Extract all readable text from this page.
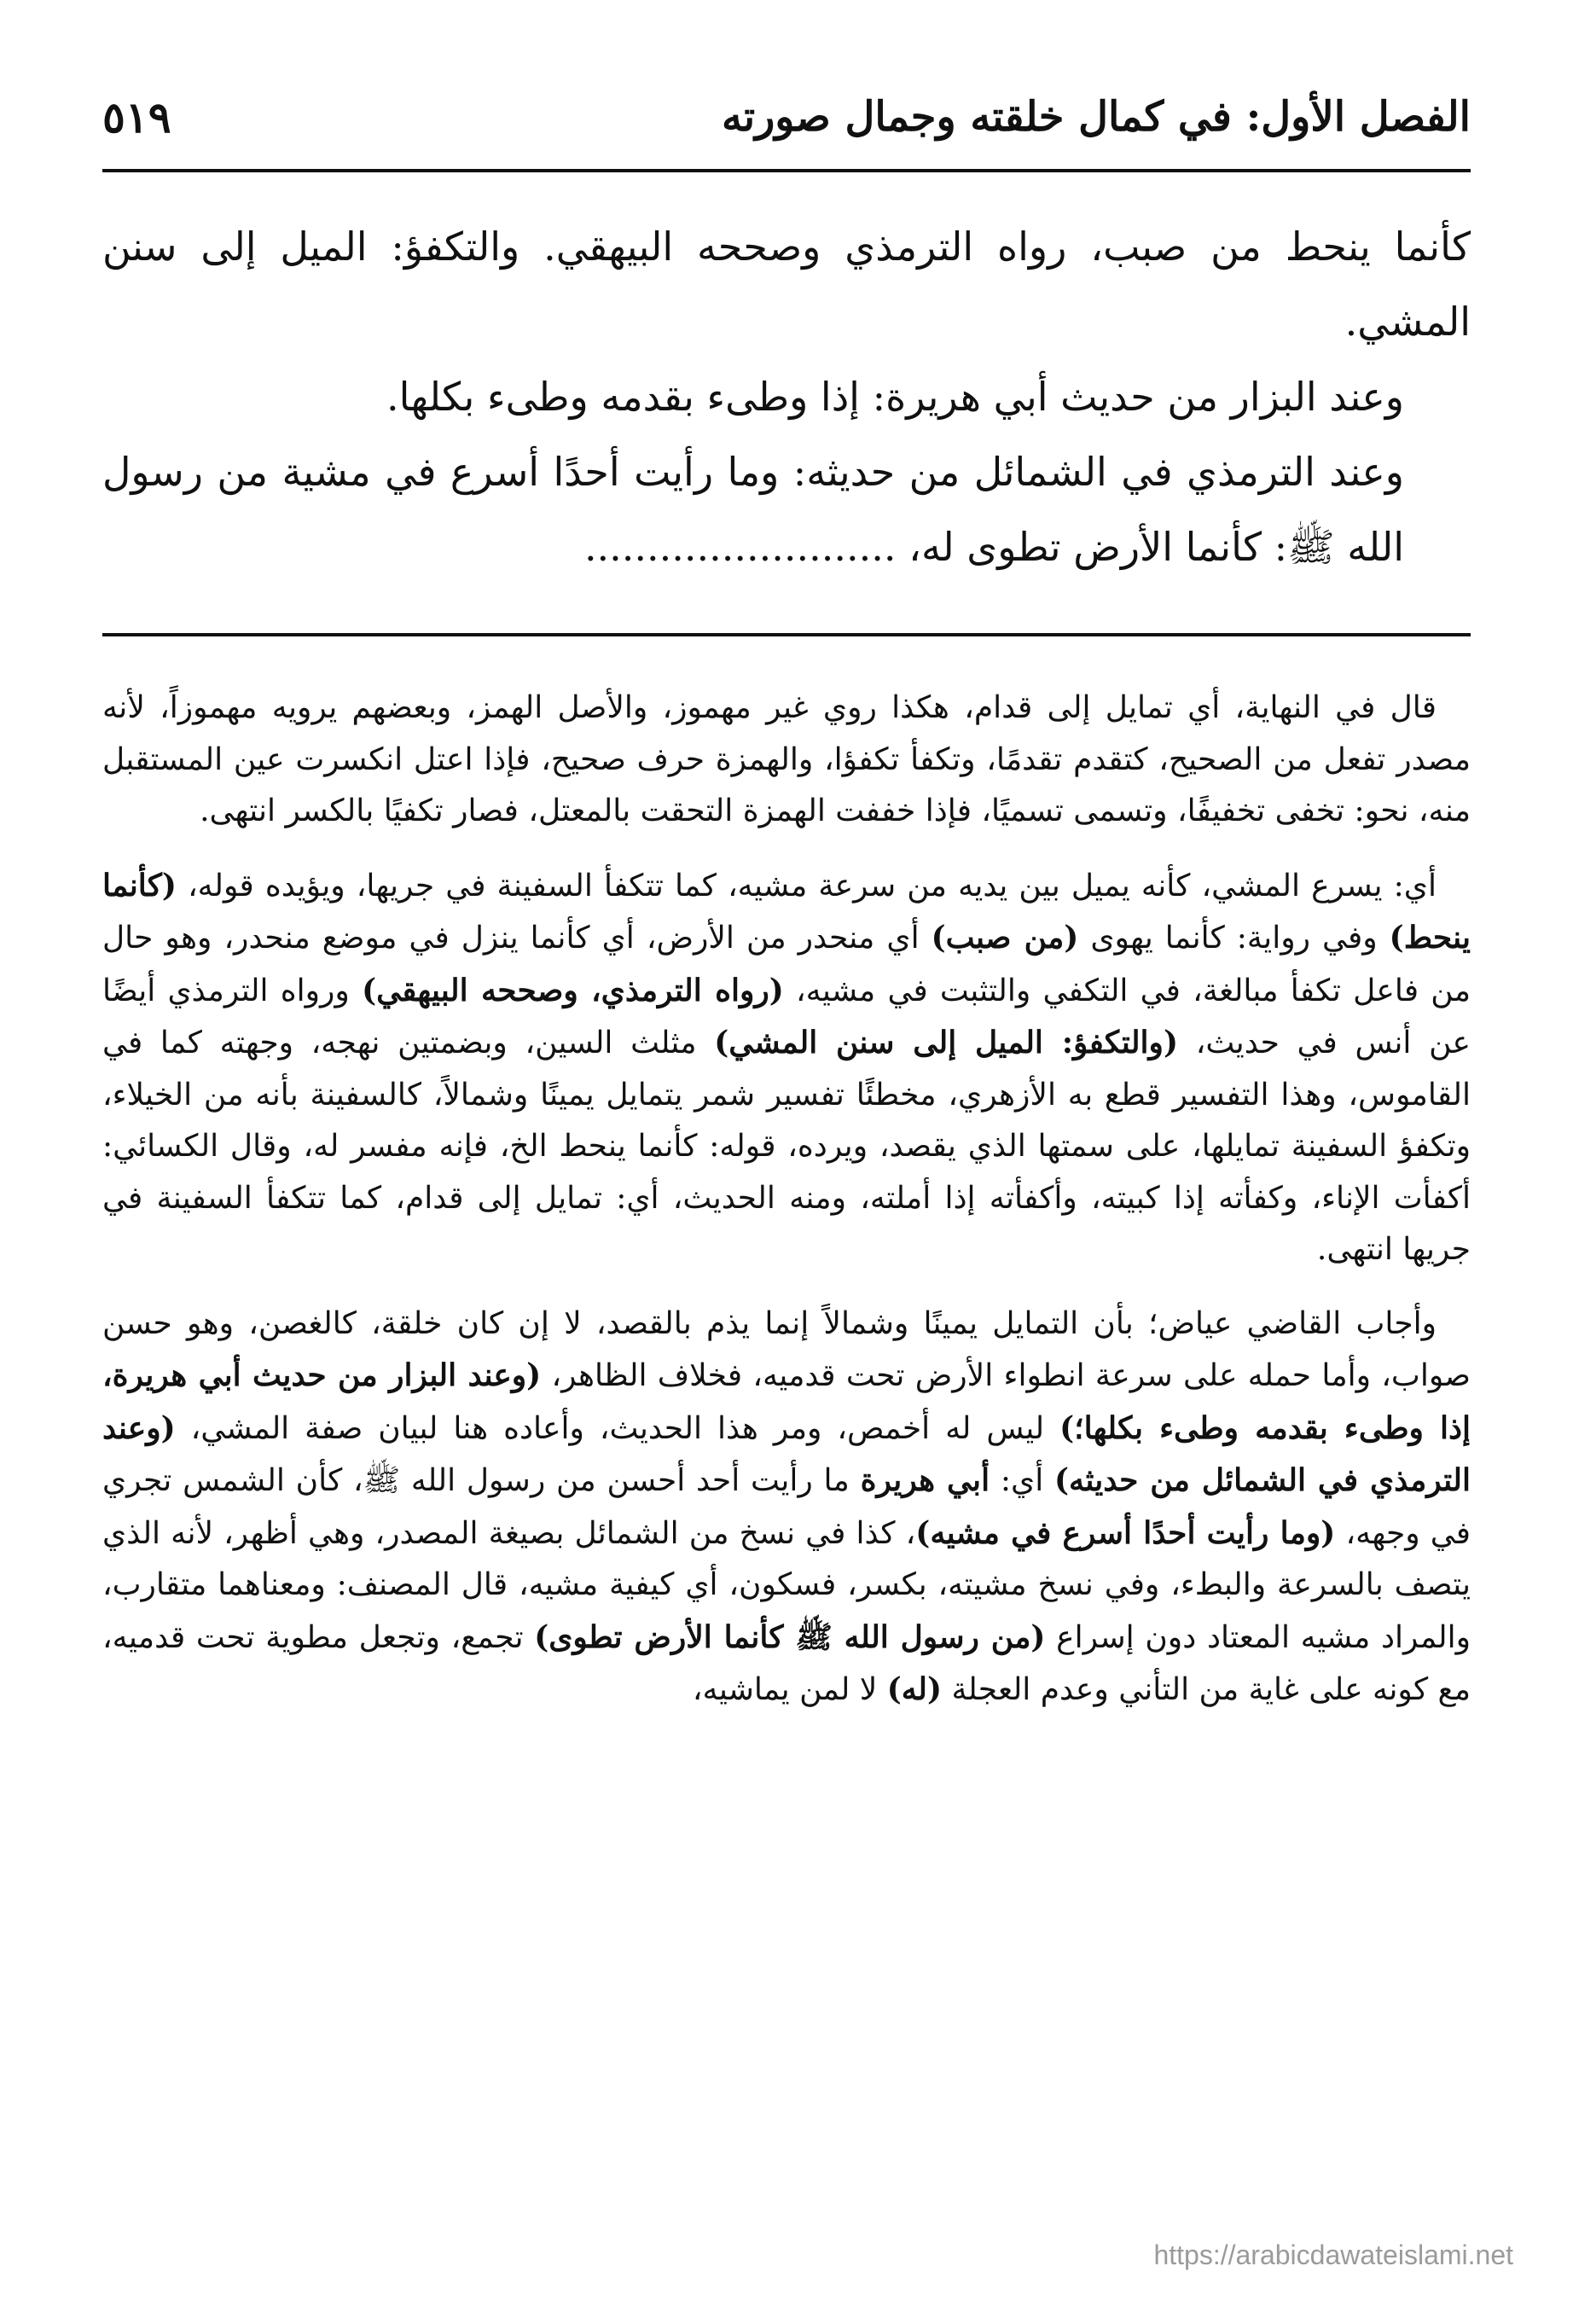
الفصل الأول: في كمال خلقته وجمال صورته
٥١٩

كأنما ينحط من صبب، رواه الترمذي وصححه البيهقي. والتكفؤ: الميل إلى سنن المشي.

وعند البزار من حديث أبي هريرة: إذا وطىء بقدمه وطىء بكلها.

وعند الترمذي في الشمائل من حديثه: وما رأيت أحدًا أسرع في مشية من رسول الله ﷺ: كأنما الأرض تطوى له، .........................

قال في النهاية، أي تمايل إلى قدام، هكذا روي غير مهموز، والأصل الهمز، وبعضهم يرويه مهموزاً، لأنه مصدر تفعل من الصحيح، كتقدم تقدمًا، وتكفأ تكفؤا، والهمزة حرف صحيح، فإذا اعتل انكسرت عين المستقبل منه، نحو: تخفى تخفيفًا، وتسمى تسميًا، فإذا خففت الهمزة التحقت بالمعتل، فصار تكفيًا بالكسر انتهى.

أي: يسرع المشي، كأنه يميل بين يديه من سرعة مشيه، كما تتكفأ السفينة في جريها، ويؤيده قوله، (كأنما ينحط) وفي رواية: كأنما يهوى (من صبب) أي منحدر من الأرض، أي كأنما ينزل في موضع منحدر، وهو حال من فاعل تكفأ مبالغة، في التكفي والتثبت في مشيه، (رواه الترمذي، وصححه البيهقي) ورواه الترمذي أيضًا عن أنس في حديث، (والتكفؤ: الميل إلى سنن المشي) مثلث السين، وبضمتين نهجه، وجهته كما في القاموس، وهذا التفسير قطع به الأزهري، مخطئًا تفسير شمر يتمايل يمينًا وشمالاً، كالسفينة بأنه من الخيلاء، وتكفؤ السفينة تمايلها، على سمتها الذي يقصد، ويرده، قوله: كأنما ينحط الخ، فإنه مفسر له، وقال الكسائي: أكفأت الإناء، وكفأته إذا كبيته، وأكفأته إذا أملته، ومنه الحديث، أي: تمايل إلى قدام، كما تتكفأ السفينة في جريها انتهى.

وأجاب القاضي عياض؛ بأن التمايل يمينًا وشمالاً إنما يذم بالقصد، لا إن كان خلقة، كالغصن، وهو حسن صواب، وأما حمله على سرعة انطواء الأرض تحت قدميه، فخلاف الظاهر، (وعند البزار من حديث أبي هريرة، إذا وطىء بقدمه وطىء بكلها؛) ليس له أخمص، ومر هذا الحديث، وأعاده هنا لبيان صفة المشي، (وعند الترمذي في الشمائل من حديثه) أي: أبي هريرة ما رأيت أحد أحسن من رسول الله ﷺ، كأن الشمس تجري في وجهه، (وما رأيت أحدًا أسرع في مشيه)، كذا في نسخ من الشمائل بصيغة المصدر، وهي أظهر، لأنه الذي يتصف بالسرعة والبطء، وفي نسخ مشيته، بكسر، فسكون، أي كيفية مشيه، قال المصنف: ومعناهما متقارب، والمراد مشيه المعتاد دون إسراع (من رسول الله ﷺ كأنما الأرض تطوى) تجمع، وتجعل مطوية تحت قدميه، مع كونه على غاية من التأني وعدم العجلة (له) لا لمن يماشيه،

https://arabicdawateislami.net
